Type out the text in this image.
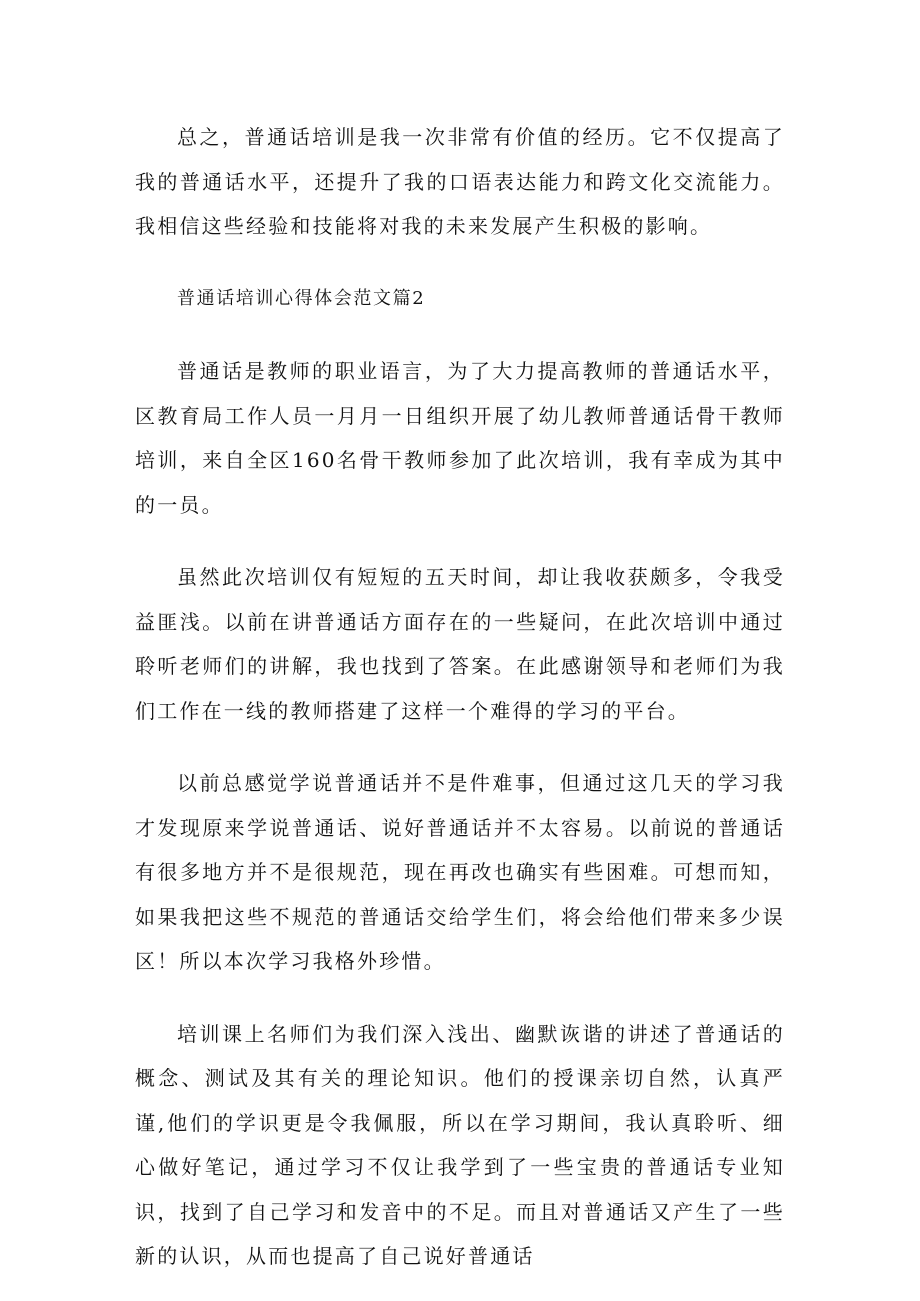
总之，普通话培训是我一次非常有价值的经历。它不仅提高了我的普通话水平，还提升了我的口语表达能力和跨文化交流能力。我相信这些经验和技能将对我的未来发展产生积极的影响。

普通话培训心得体会范文篇2

普通话是教师的职业语言，为了大力提高教师的普通话水平，区教育局工作人员一月月一日组织开展了幼儿教师普通话骨干教师培训，来自全区160名骨干教师参加了此次培训，我有幸成为其中的一员。

虽然此次培训仅有短短的五天时间，却让我收获颇多，令我受益匪浅。以前在讲普通话方面存在的一些疑问，在此次培训中通过聆听老师们的讲解，我也找到了答案。在此感谢领导和老师们为我们工作在一线的教师搭建了这样一个难得的学习的平台。

以前总感觉学说普通话并不是件难事，但通过这几天的学习我才发现原来学说普通话、说好普通话并不太容易。以前说的普通话有很多地方并不是很规范，现在再改也确实有些困难。可想而知，如果我把这些不规范的普通话交给学生们，将会给他们带来多少误区！所以本次学习我格外珍惜。

培训课上名师们为我们深入浅出、幽默诙谐的讲述了普通话的概念、测试及其有关的理论知识。他们的授课亲切自然，认真严谨,他们的学识更是令我佩服，所以在学习期间，我认真聆听、细心做好笔记，通过学习不仅让我学到了一些宝贵的普通话专业知识，找到了自己学习和发音中的不足。而且对普通话又产生了一些新的认识，从而也提高了自己说好普通话
